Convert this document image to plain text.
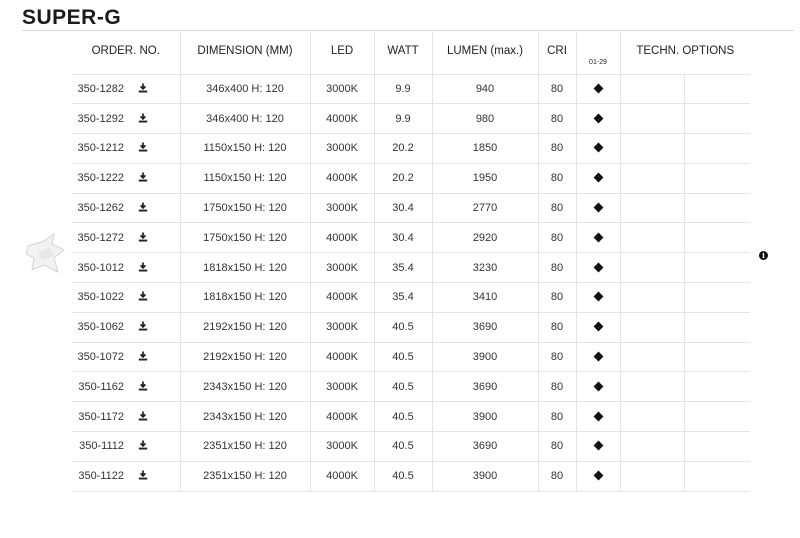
SUPER-G
ORDER. NO.	DIMENSION (MM)	LED	WATT	LUMEN (max.)	CRI	01-29	TECHN. OPTIONS	
350-1282	346x400 H: 120	3000K	9.9	940	80			
350-1292	346x400 H: 120	4000K	9.9	980	80			
350-1212	1150x150 H: 120	3000K	20.2	1850	80			
350-1222	1150x150 H: 120	4000K	20.2	1950	80			
350-1262	1750x150 H: 120	3000K	30.4	2770	80			
350-1272	1750x150 H: 120	4000K	30.4	2920	80			
350-1012	1818x150 H: 120	3000K	35.4	3230	80			
350-1022	1818x150 H: 120	4000K	35.4	3410	80			
350-1062	2192x150 H: 120	3000K	40.5	3690	80			
350-1072	2192x150 H: 120	4000K	40.5	3900	80			
350-1162	2343x150 H: 120	3000K	40.5	3690	80			
350-1172	2343x150 H: 120	4000K	40.5	3900	80			
350-1112	2351x150 H: 120	3000K	40.5	3690	80			
350-1122	2351x150 H: 120	4000K	40.5	3900	80			
i
